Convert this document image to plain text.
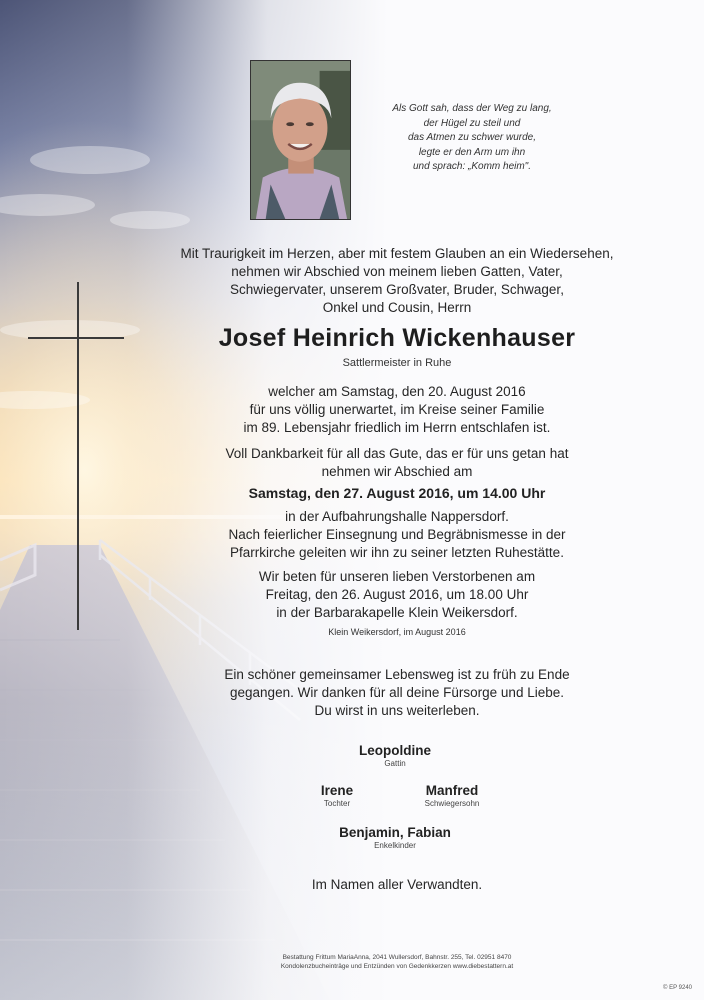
Als Gott sah, dass der Weg zu lang,
der Hügel zu steil und
das Atmen zu schwer wurde,
legte er den Arm um ihn
und sprach: „Komm heim".
Mit Traurigkeit im Herzen, aber mit festem Glauben an ein Wiedersehen,
nehmen wir Abschied von meinem lieben Gatten, Vater,
Schwiegervater, unserem Großvater, Bruder, Schwager,
Onkel und Cousin, Herrn
Josef Heinrich Wickenhauser
Sattlermeister in Ruhe
welcher am Samstag, den 20. August 2016
für uns völlig unerwartet, im Kreise seiner Familie
im 89. Lebensjahr friedlich im Herrn entschlafen ist.
Voll Dankbarkeit für all das Gute, das er für uns getan hat
nehmen wir Abschied am
Samstag, den 27. August 2016, um 14.00 Uhr
in der Aufbahrungshalle Nappersdorf.
Nach feierlicher Einsegnung und Begräbnismesse in der
Pfarrkirche geleiten wir ihn zu seiner letzten Ruhestätte.
Wir beten für unseren lieben Verstorbenen am
Freitag, den 26. August 2016, um 18.00 Uhr
in der Barbarakapelle Klein Weikersdorf.
Klein Weikersdorf, im August 2016
Ein schöner gemeinsamer Lebensweg ist zu früh zu Ende
gegangen. Wir danken für all deine Fürsorge und Liebe.
Du wirst in uns weiterleben.
Leopoldine
Gattin
Irene
Tochter
Manfred
Schwiegersohn
Benjamin, Fabian
Enkelkinder
Im Namen aller Verwandten.
Bestattung Frittum MariaAnna, 2041 Wullersdorf, Bahnstr. 255, Tel. 02951 8470
Kondolenzbucheinträge und Entzünden von Gedenkkerzen www.diebestattern.at
© EP 9240
